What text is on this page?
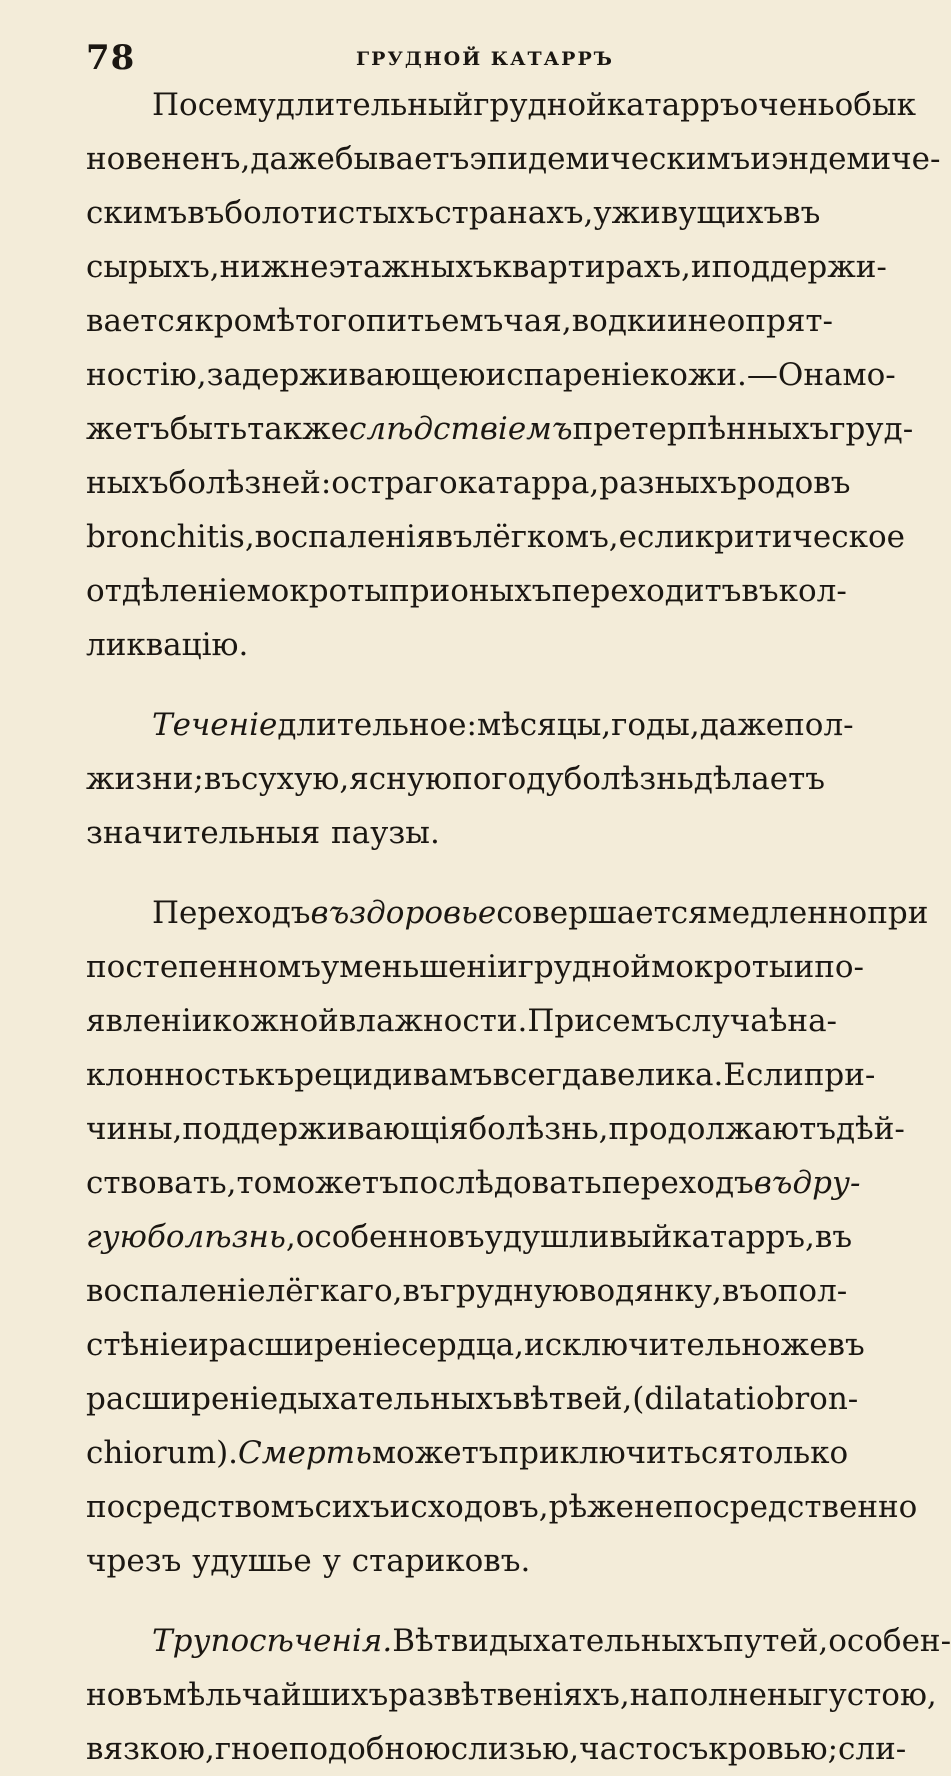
78	ГРУДНОЙ КАТАРРЪ
Посему длительный грудной катарръ очень обык
новененъ, даже бываетъ эпидемическимъ и эндемиче-
скимъ въ болотистыхъ странахъ, у живущихъ въ
сырыхъ, нижнеэтажныхъ квартирахъ, и поддержи-
вается кромѣ того питьемъ чая, водки и неопрят-
ностію, задерживающею испареніе кожи. — Она мо-
жетъ быть также слѣдствіемъ претерпѣнныхъ груд-
ныхъ болѣзней: остраго катарра, разныхъ родовъ
bronchitis, воспаленія въ лёгкомъ, если критическое
отдѣленіе мокроты при оныхъ переходитъ въ кол-
ликвацію.
Теченіе длительное: мѣсяцы, годы, даже пол-
жизни; въ сухую, ясную погоду болѣзнь дѣлаетъ
значительныя паузы.
Переходъ въ здоровье совершается медленно при
постепенномъ уменьшеніи грудной мокроты и по-
явленіи кожной влажности. При семъ случаѣ на-
клонность къ рецидивамъ всегда велика. Если при-
чины, поддерживающія болѣзнь, продолжаютъ дѣй-
ствовать, то можетъ послѣдовать переходъ въ дру-
гую болѣзнь , особенно въ удушливый катарръ, въ
воспаленіе лёгкаго, въ грудную водянку, въ опол-
стѣніе и расширеніе сердца, исключительно же въ
расширеніе дыхательныхъ вѣтвей, (dilatatio bron-
chiorum). Смерть можетъ приключиться только
посредствомъ сихъ исходовъ, рѣже непосредственно
чрезъ удушье у стариковъ.
Трупосѣченія. Вѣтви дыхательныхъ путей, особен-
но въ мѣльчайшихъ развѣтвеніяхъ, наполнены густою,
вязкою, гноеподобною слизью, часто съ кровью; сли-
